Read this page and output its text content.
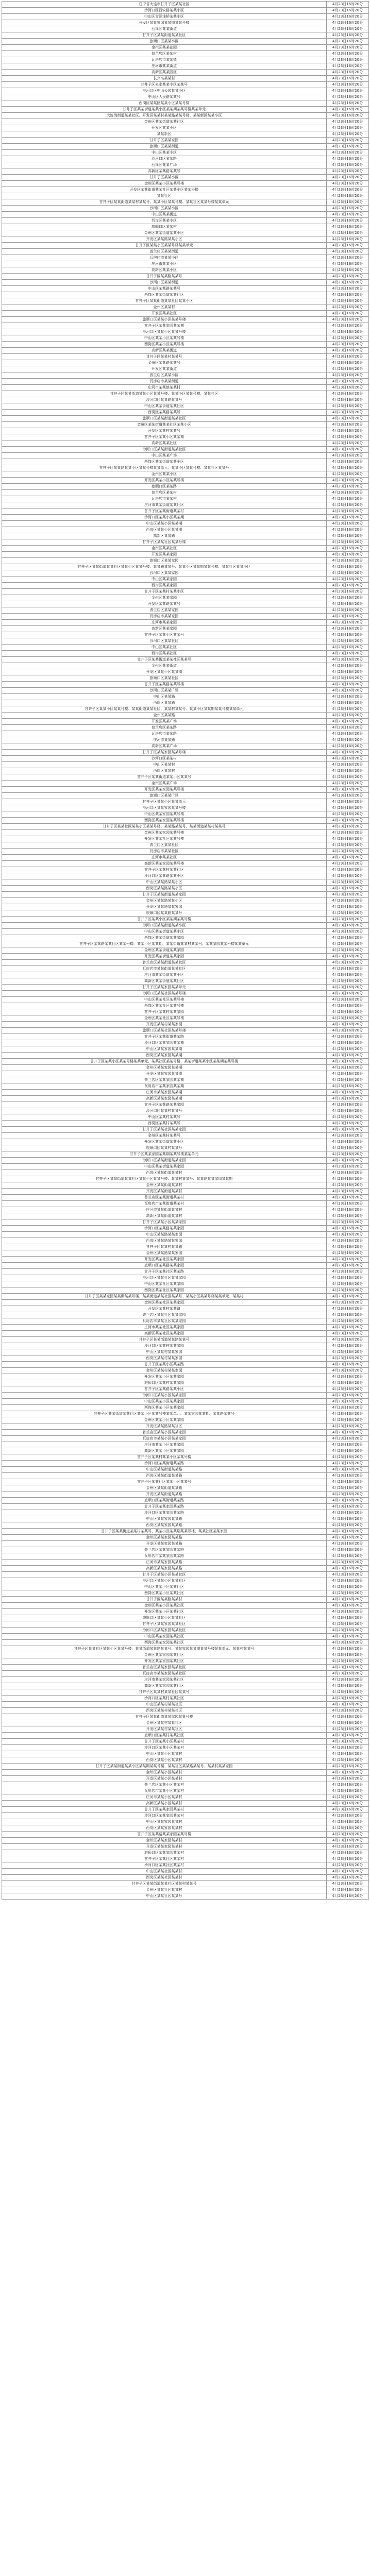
辽宁省大连市甘井子区某某社区	4月23日16时20分
沙河口区西安路某某小区	4月23日16时20分
中山区青泥洼桥某某小区	4月23日16时20分
开发区某某家园某某期某某号楼	4月23日16时20分
西岗区某某街道	4月23日16时20分
甘井子区某某街道某某社区	4月23日16时20分
旅顺口区某某小区	4月23日16时20分
金州区某某花园	4月23日16时20分
普兰店区某某村	4月23日16时20分
瓦房店市某某镇	4月23日16时20分
庄河市某某街道	4月23日16时20分
高新区某某园区	4月23日16时20分
长兴岛某某村	4月23日16时20分
甘井子区泉水某某小区某某号	4月23日16时20分
沙河口区中山公园某某小区	4月23日16时20分
中山区人民路某某号	4月23日16时20分
西岗区某某路某某小区某某号楼	4月23日16时20分
甘井子区某某街道某某小区某某期某某号楼某某单元	4月23日16时20分
大连湾街道某某社区、开发区某某村某某路某某号楼、某某新区某某小区	4月23日16时20分
金州区某某街道某某社区	4月23日16时20分
开发区某某小区	4月23日16时20分
某某新区	4月23日16时20分
甘井子区某某家园	4月23日16时20分
旅顺口区某某街道	4月23日16时20分
中山区某某小区	4月23日16时20分
沙河口区某某路	4月23日16时20分
西岗区某某广场	4月23日16时20分
高新区某某路某某号	4月23日16时20分
甘井子区某某小区	4月23日16时20分
金州区某某小区某某号楼	4月23日16时20分
开发区某某街道某某社区某某小区某某号楼	4月23日16时20分
某某社区	4月23日16时20分
甘井子区某某街道某某村某某号、某某小区某某号楼、某某社区某某号楼某某单元	4月23日16时20分
沙河口区某某小区	4月23日16时20分
中山区某某街道	4月23日16时20分
西岗区某某小区	4月23日16时20分
旅顺口区某某村	4月23日16时20分
金州区某某街道某某小区	4月23日16时20分
开发区某某路某某小区	4月23日16时20分
甘井子区某某小区某某号楼某某单元	4月23日16时20分
普兰店区某某街道	4月23日16时20分
瓦房店市某某小区	4月23日16时20分
庄河市某某小区	4月23日16时20分
高新区某某小区	4月23日16时20分
甘井子区某某路某某号	4月23日16时20分
沙河口区某某街道	4月23日16时20分
中山区某某路某某号	4月23日16时20分
西岗区某某街道某某社区	4月23日16时20分
甘井子区某某街道某某社区某某小区	4月23日16时20分
金州区某某村	4月23日16时20分
开发区某某社区	4月23日16时20分
旅顺口区某某小区某某号楼	4月23日16时20分
甘井子区某某家园某某期	4月23日16时20分
沙河口区某某小区某某号楼	4月23日16时20分
中山区某某小区某某号楼	4月23日16时20分
西岗区某某小区某某号楼	4月23日16时20分
高新区某某街道	4月23日16时20分
甘井子区某某村某某号	4月23日16时20分
金州区某某路某某号	4月23日16时20分
开发区某某街道	4月23日16时20分
普兰店区某某小区	4月23日16时20分
瓦房店市某某街道	4月23日16时20分
庄河市某某镇某某村	4月23日16时20分
甘井子区某某街道某某小区某某号楼、某某小区某某号楼、某某社区	4月23日16时20分
沙河口区某某路某某号	4月23日16时20分
中山区某某街道某某社区	4月23日16时20分
西岗区某某路某某号	4月23日16时20分
旅顺口区某某街道某某社区	4月23日16时20分
金州区某某街道某某社区某某小区	4月23日16时20分
开发区某某村某某号	4月23日16时20分
甘井子区某某小区某某期	4月23日16时20分
高新区某某社区	4月23日16时20分
沙河口区某某街道某某社区	4月23日16时20分
中山区某某广场	4月23日16时20分
西岗区某某街道某某小区	4月23日16时20分
甘井子区某某路某某小区某某号楼某某单元、某某小区某某号楼、某某社区某某号	4月23日16时20分
金州区某某小区	4月23日16时20分
开发区某某小区某某号楼	4月23日16时20分
旅顺口区某某路	4月23日16时20分
普兰店区某某村	4月23日16时20分
瓦房店市某某村	4月23日16时20分
庄河市某某街道某某社区	4月23日16时20分
甘井子区某某街道某某村	4月23日16时20分
沙河口区某某小区某某期	4月23日16时20分
中山区某某小区某某期	4月23日16时20分
西岗区某某小区某某期	4月23日16时20分
高新区某某路	4月23日16时20分
甘井子区某某社区某某号楼	4月23日16时20分
金州区某某社区	4月23日16时20分
开发区某某家园	4月23日16时20分
旅顺口区某某家园	4月23日16时20分
甘井子区某某街道某某社区某某小区某某号楼、某某路某某号、某某小区某某期某某号楼、某某社区某某小区	4月23日16时20分
沙河口区某某家园	4月23日16时20分
中山区某某家园	4月23日16时20分
西岗区某某家园	4月23日16时20分
甘井子区某某村某某小区	4月23日16时20分
金州区某某家园	4月23日16时20分
开发区某某路某某号	4月23日16时20分
普兰店区某某家园	4月23日16时20分
瓦房店市某某家园	4月23日16时20分
庄河市某某家园	4月23日16时20分
高新区某某家园	4月23日16时20分
甘井子区某某小区某某号	4月23日16时20分
沙河口区某某社区	4月23日16时20分
中山区某某社区	4月23日16时20分
西岗区某某社区	4月23日16时20分
甘井子区某某街道某某社区某某号	4月23日16时20分
金州区某某街道	4月23日16时20分
开发区某某小区某某期	4月23日16时20分
旅顺口区某某社区	4月23日16时20分
甘井子区某某路某某号楼	4月23日16时20分
沙河口区某某广场	4月23日16时20分
中山区某某路	4月23日16时20分
西岗区某某路	4月23日16时20分
甘井子区某某小区某某号楼、某某街道某某社区、某某村某某号、某某小区某某期某某号楼某某单元	4月23日16时20分
金州区某某路	4月23日16时20分
开发区某某广场	4月23日16时20分
普兰店区某某路	4月23日16时20分
瓦房店市某某路	4月23日16时20分
庄河市某某路	4月23日16时20分
高新区某某广场	4月23日16时20分
甘井子区某某家园某某号楼	4月23日16时20分
沙河口区某某村	4月23日16时20分
中山区某某村	4月23日16时20分
西岗区某某村	4月23日16时20分
甘井子区某某街道某某小区某某号	4月23日16时20分
金州区某某广场	4月23日16时20分
开发区某某家园某某号楼	4月23日16时20分
旅顺口区某某广场	4月23日16时20分
甘井子区某某小区某某单元	4月23日16时20分
沙河口区某某家园某某号楼	4月23日16时20分
中山区某某家园某某号楼	4月23日16时20分
西岗区某某家园某某号楼	4月23日16时20分
甘井子区某某社区某某小区某某号楼、某某路某某号、某某街道某某村某某号	4月23日16时20分
金州区某某家园某某号楼	4月23日16时20分
开发区某某社区某某号楼	4月23日16时20分
普兰店区某某社区	4月23日16时20分
瓦房店市某某社区	4月23日16时20分
庄河市某某社区	4月23日16时20分
高新区某某家园某某号楼	4月23日16时20分
甘井子区某某村某某社区	4月23日16时20分
沙河口区某某路某某小区	4月23日16时20分
中山区某某路某某小区	4月23日16时20分
西岗区某某路某某小区	4月23日16时20分
甘井子区某某街道某某家园	4月23日16时20分
金州区某某路某某小区	4月23日16时20分
开发区某某路某某家园	4月23日16时20分
旅顺口区某某路某某号	4月23日16时20分
甘井子区某某小区某某期某某号楼	4月23日16时20分
沙河口区某某街道某某小区	4月23日16时20分
中山区某某街道某某小区	4月23日16时20分
西岗区某某街道某某家园	4月23日16时20分
甘井子区某某路某某社区某某号楼、某某小区某某期、某某街道某某村某某号、某某家园某某号楼某某单元	4月23日16时20分
金州区某某街道某某家园	4月23日16时20分
开发区某某街道某某家园	4月23日16时20分
普兰店区某某街道某某社区	4月23日16时20分
瓦房店市某某街道某某社区	4月23日16时20分
庄河市某某街道某某小区	4月23日16时20分
高新区某某街道某某社区	4月23日16时20分
甘井子区某某家园某某单元	4月23日16时20分
沙河口区某某社区某某号楼	4月23日16时20分
中山区某某社区某某号楼	4月23日16时20分
西岗区某某社区某某号楼	4月23日16时20分
甘井子区某某村某某家园	4月23日16时20分
金州区某某社区某某号楼	4月23日16时20分
开发区某某村某某家园	4月23日16时20分
旅顺口区某某社区某某号楼	4月23日16时20分
甘井子区某某街道某某路	4月23日16时20分
沙河口区某某家园某某期	4月23日16时20分
中山区某某家园某某期	4月23日16时20分
西岗区某某家园某某期	4月23日16时20分
甘井子区某某小区某某号楼某某单元、某某社区某某号楼、某某街道某某小区某某期某某号楼	4月23日16时20分
金州区某某家园某某期	4月23日16时20分
开发区某某家园某某期	4月23日16时20分
普兰店区某某家园某某期	4月23日16时20分
瓦房店市某某家园某某期	4月23日16时20分
庄河市某某家园某某期	4月23日16时20分
高新区某某家园某某期	4月23日16时20分
甘井子区某某路某某家园	4月23日16时20分
沙河口区某某村某某号	4月23日16时20分
中山区某某村某某号	4月23日16时20分
西岗区某某村某某号	4月23日16时20分
甘井子区某某社区某某家园	4月23日16时20分
金州区某某村某某号	4月23日16时20分
开发区某某街道某某小区	4月23日16时20分
旅顺口区某某村某某号	4月23日16时20分
甘井子区某某家园某某期某某号楼某某单元	4月23日16时20分
沙河口区某某街道某某家园	4月23日16时20分
中山区某某街道某某家园	4月23日16时20分
西岗区某某街道某某村	4月23日16时20分
甘井子区某某街道某某社区某某小区某某号楼、某某村某某号、某某路某某家园某某期	4月23日16时20分
金州区某某街道某某村	4月23日16时20分
开发区某某街道某某村	4月23日16时20分
普兰店区某某街道某某村	4月23日16时20分
瓦房店市某某街道某某村	4月23日16时20分
庄河市某某街道某某村	4月23日16时20分
高新区某某街道某某村	4月23日16时20分
甘井子区某某小区某某家园	4月23日16时20分
沙河口区某某路某某家园	4月23日16时20分
中山区某某路某某家园	4月23日16时20分
西岗区某某路某某家园	4月23日16时20分
甘井子区某某村某某路	4月23日16时20分
金州区某某路某某家园	4月23日16时20分
开发区某某社区某某家园	4月23日16时20分
旅顺口区某某路某某家园	4月23日16时20分
甘井子区某某社区某某路	4月23日16时20分
沙河口区某某社区某某家园	4月23日16时20分
中山区某某社区某某家园	4月23日16时20分
西岗区某某社区某某家园	4月23日16时20分
甘井子区某某家园某某期某某号楼、某某街道某某社区某某号、某某小区某某号楼某某单元、某某村	4月23日16时20分
金州区某某社区某某家园	4月23日16时20分
开发区某某村某某路	4月23日16时20分
普兰店区某某社区某某家园	4月23日16时20分
瓦房店市某某社区某某家园	4月23日16时20分
庄河市某某社区某某家园	4月23日16时20分
高新区某某社区某某家园	4月23日16时20分
甘井子区某某街道某某路某某号	4月23日16时20分
沙河口区某某村某某家园	4月23日16时20分
中山区某某村某某家园	4月23日16时20分
西岗区某某村某某家园	4月23日16时20分
甘井子区某某小区某某路	4月23日16时20分
金州区某某村某某家园	4月23日16时20分
开发区某某小区某某家园	4月23日16时20分
旅顺口区某某村某某家园	4月23日16时20分
甘井子区某某路某某小区	4月23日16时20分
沙河口区某某小区某某家园	4月23日16时20分
中山区某某小区某某家园	4月23日16时20分
西岗区某某小区某某家园	4月23日16时20分
甘井子区某某街道某某社区某某小区某某号楼某某单元、某某家园某某期、某某路某某号	4月23日16时20分
金州区某某小区某某家园	4月23日16时20分
开发区某某路某某社区	4月23日16时20分
普兰店区某某小区某某家园	4月23日16时20分
瓦房店市某某小区某某家园	4月23日16时20分
庄河市某某小区某某家园	4月23日16时20分
高新区某某小区某某家园	4月23日16时20分
甘井子区某某村某某小区某某号楼	4月23日16时20分
沙河口区某某街道某某路	4月23日16时20分
中山区某某街道某某路	4月23日16时20分
西岗区某某街道某某路	4月23日16时20分
甘井子区某某社区某某小区某某号	4月23日16时20分
金州区某某街道某某路	4月23日16时20分
开发区某某街道某某路	4月23日16时20分
旅顺口区某某街道某某路	4月23日16时20分
甘井子区某某家园某某路	4月23日16时20分
沙河口区某某家园某某路	4月23日16时20分
中山区某某家园某某路	4月23日16时20分
西岗区某某家园某某路	4月23日16时20分
甘井子区某某街道某某村某某号、某某小区某某期某某号楼、某某社区某某家园	4月23日16时20分
金州区某某家园某某路	4月23日16时20分
开发区某某家园某某路	4月23日16时20分
普兰店区某某家园某某路	4月23日16时20分
瓦房店市某某家园某某路	4月23日16时20分
庄河市某某家园某某路	4月23日16时20分
高新区某某家园某某路	4月23日16时20分
甘井子区某某小区某某社区	4月23日16时20分
沙河口区某某小区某某社区	4月23日16时20分
中山区某某小区某某社区	4月23日16时20分
西岗区某某小区某某社区	4月23日16时20分
甘井子区某某路某某村	4月23日16时20分
金州区某某小区某某社区	4月23日16时20分
开发区某某小区某某社区	4月23日16时20分
旅顺口区某某小区某某社区	4月23日16时20分
甘井子区某某家园某某社区	4月23日16时20分
沙河口区某某家园某某社区	4月23日16时20分
中山区某某家园某某社区	4月23日16时20分
西岗区某某家园某某社区	4月23日16时20分
甘井子区某某社区某某小区某某号楼、某某街道某某路某某号、某某家园某某期某某号楼某某单元、某某村某某号	4月23日16时20分
金州区某某家园某某社区	4月23日16时20分
开发区某某家园某某社区	4月23日16时20分
普兰店区某某家园某某社区	4月23日16时20分
瓦房店市某某家园某某社区	4月23日16时20分
庄河市某某家园某某社区	4月23日16时20分
高新区某某家园某某社区	4月23日16时20分
甘井子区某某村某某社区某某号	4月23日16时20分
沙河口区某某村某某社区	4月23日16时20分
中山区某某村某某社区	4月23日16时20分
西岗区某某村某某社区	4月23日16时20分
甘井子区某某街道某某家园某某号楼	4月23日16时20分
金州区某某村某某社区	4月23日16时20分
开发区某某村某某社区	4月23日16时20分
旅顺口区某某村某某社区	4月23日16时20分
甘井子区某某小区某某村	4月23日16时20分
沙河口区某某小区某某村	4月23日16时20分
中山区某某小区某某村	4月23日16时20分
西岗区某某小区某某村	4月23日16时20分
甘井子区某某街道某某小区某某期某某号楼、某某社区某某路某某号、某某村某某家园	4月23日16时20分
金州区某某小区某某村	4月23日16时20分
开发区某某小区某某村	4月23日16时20分
普兰店区某某小区某某村	4月23日16时20分
瓦房店市某某小区某某村	4月23日16时20分
庄河市某某小区某某村	4月23日16时20分
高新区某某小区某某村	4月23日16时20分
甘井子区某某家园某某村	4月23日16时20分
沙河口区某某家园某某村	4月23日16时20分
中山区某某家园某某村	4月23日16时20分
西岗区某某家园某某村	4月23日16时20分
甘井子区某某路某某家园某某号楼	4月23日16时20分
金州区某某家园某某村	4月23日16时20分
开发区某某家园某某村	4月23日16时20分
旅顺口区某某家园某某村	4月23日16时20分
甘井子区某某社区某某村	4月23日16时20分
沙河口区某某社区某某村	4月23日16时20分
中山区某某社区某某村	4月23日16时20分
西岗区某某社区某某村	4月23日16时20分
甘井子区某某街道某某社区某某村某某号	4月23日16时20分
金州区某某社区某某村	4月23日16时20分
中山区某某社区某某号	4月23日16时20分
